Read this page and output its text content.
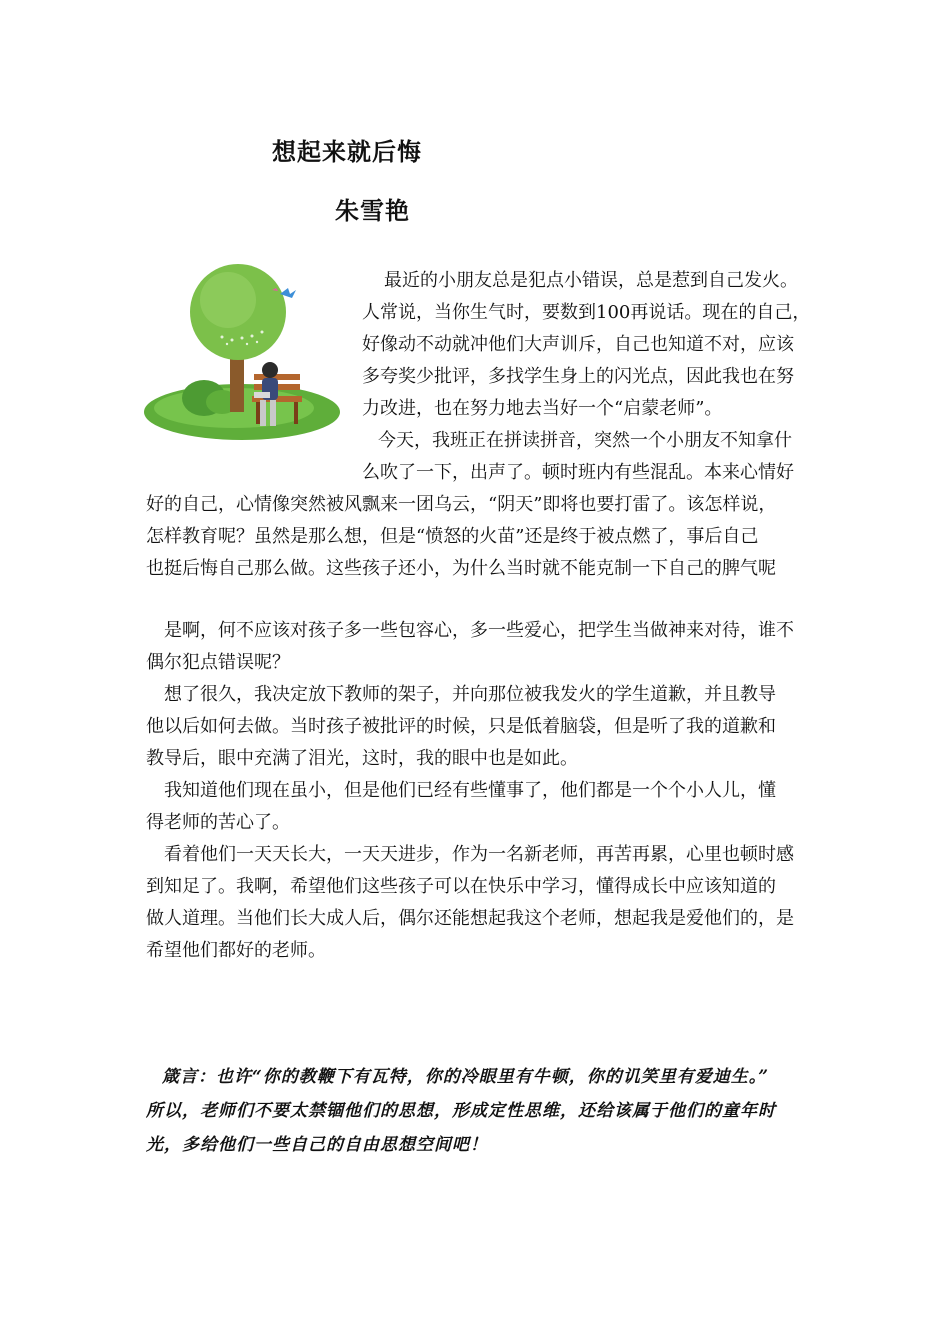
想起来就后悔
朱雪艳
最近的小朋友总是犯点小错误，总是惹到自己发火。
人常说，当你生气时，要数到100再说话。现在的自己，
好像动不动就冲他们大声训斥，自己也知道不对，应该
多夸奖少批评，多找学生身上的闪光点，因此我也在努
力改进，也在努力地去当好一个“启蒙老师”。
今天，我班正在拼读拼音，突然一个小朋友不知拿什
么吹了一下，出声了。顿时班内有些混乱。本来心情好
好的自己，心情像突然被风飘来一团乌云，“阴天”即将也要打雷了。该怎样说，
怎样教育呢？虽然是那么想，但是“愤怒的火苗”还是终于被点燃了，事后自己
也挺后悔自己那么做。这些孩子还小，为什么当时就不能克制一下自己的脾气呢
是啊，何不应该对孩子多一些包容心，多一些爱心，把学生当做神来对待，谁不
偶尔犯点错误呢？
想了很久，我决定放下教师的架子，并向那位被我发火的学生道歉，并且教导
他以后如何去做。当时孩子被批评的时候，只是低着脑袋，但是听了我的道歉和
教导后，眼中充满了泪光，这时，我的眼中也是如此。
我知道他们现在虽小，但是他们已经有些懂事了，他们都是一个个小人儿，懂
得老师的苦心了。
看着他们一天天长大，一天天进步，作为一名新老师，再苦再累，心里也顿时感
到知足了。我啊，希望他们这些孩子可以在快乐中学习，懂得成长中应该知道的
做人道理。当他们长大成人后，偶尔还能想起我这个老师，想起我是爱他们的，是
希望他们都好的老师。
箴言：也许“你的教鞭下有瓦特，你的冷眼里有牛顿，你的讥笑里有爱迪生。”
所以，老师们不要太禁锢他们的思想，形成定性思维，还给该属于他们的童年时
光，多给他们一些自己的自由思想空间吧！
